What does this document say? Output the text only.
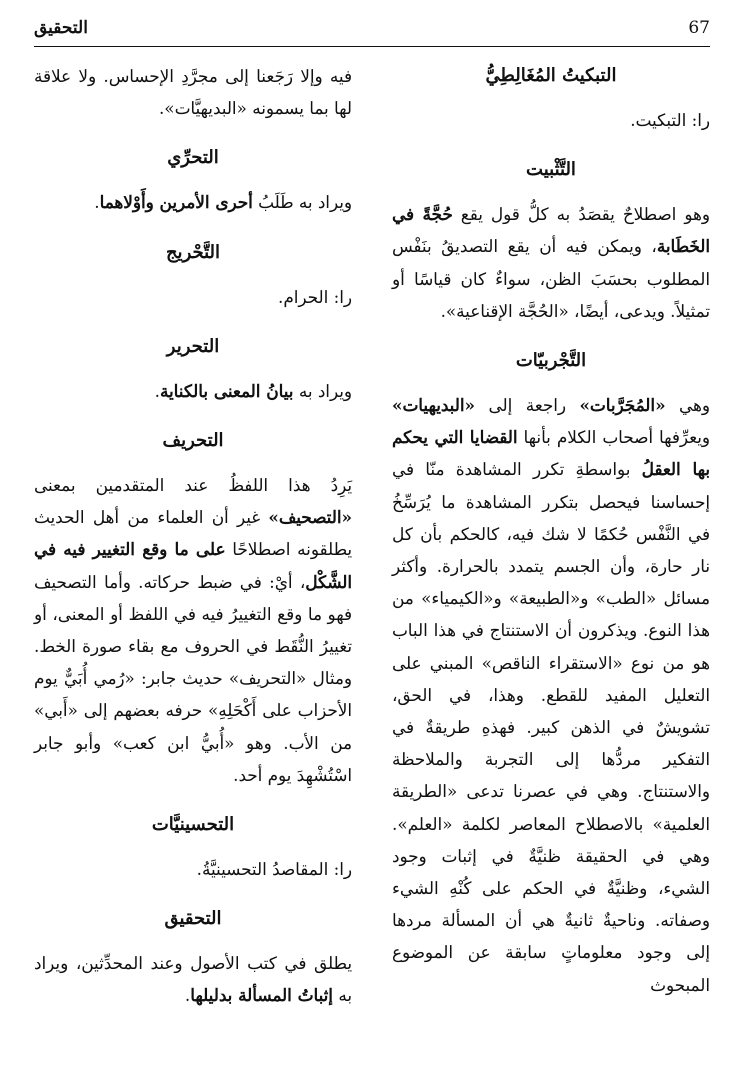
التحقيق	67
التبكيتُ المُغَالِطِيُّ
را: التبكيت.
التَّثْبيت
وهو اصطلاحٌ يقصَدُ به كلُّ قول يقع حُجَّةً في الخَطَابة، ويمكن فيه أن يقع التصديقُ بنَفْس المطلوب بحسَبَ الظن، سواءٌ كان قياسًا أو تمثيلاً. ويدعى، أيضًا، «الحُجَّة الإقناعية».
التَّجْربيّات
وهي «المُجَرَّبات» راجعة إلى «البديهيات» ويعرِّفها أصحاب الكلام بأنها القضايا التي يحكم بها العقلُ بواسطةِ تكرر المشاهدة منّا في إحساسنا فيحصل بتكرر المشاهدة ما يُرَسِّخُ في النَّفْس حُكمًا لا شك فيه، كالحكم بأن كل نار حارة، وأن الجسم يتمدد بالحرارة. وأكثر مسائل «الطب» و«الطبيعة» و«الكيمياء» من هذا النوع. ويذكرون أن الاستنتاج في هذا الباب هو من نوع «الاستقراء الناقص» المبني على التعليل المفيد للقطع. وهذا، في الحق، تشويشٌ في الذهن كبير. فهذهِ طريقةٌ في التفكير مردُّها إلى التجربة والملاحظة والاستنتاج. وهي في عصرنا تدعى «الطريقة العلمية» بالاصطلاح المعاصر لكلمة «العلم». وهي في الحقيقة ظنيَّةٌ في إثبات وجود الشيء، وظنيَّةٌ في الحكم على كُنْهِ الشيء وصفاته. وناحيةٌ ثانيةٌ هي أن المسألة مردها إلى وجود معلوماتٍ سابقة عن الموضوع المبحوث
فيه وإلا رَجَعنا إلى مجرَّدِ الإحساس. ولا علاقة لها بما يسمونه «البديهيَّات».
التحرِّي
ويراد به طَلَبُ أحرى الأمرين وأَوْلاهما.
التَّحْريج
را: الحرام.
التحرير
ويراد به بيانُ المعنى بالكناية.
التحريف
يَرِدُ هذا اللفظُ عند المتقدمين بمعنى «التصحيف» غير أن العلماء من أهل الحديث يطلقونه اصطلاحًا على ما وقع التغيير فيه في الشَّكْل، أيْ: في ضبط حركاته. وأما التصحيف فهو ما وقع التغييرُ فيه في اللفظ أو المعنى، أو تغييرُ النُّقَط في الحروف مع بقاء صورة الخط. ومثال «التحريف» حديث جابر: «رُمي أُبَيٌّ يوم الأحزاب على أَكْحَلِهِ» حرفه بعضهم إلى «أَبي» من الأب. وهو «أُبيُّ ابن كعب» وأبو جابر اسْتُشْهِدَ يوم أحد.
التحسينيَّات
را: المقاصدُ التحسينيَّةُ.
التحقيق
يطلق في كتب الأصول وعند المحدِّثين، ويراد به إثباتُ المسألة بدليلها.
